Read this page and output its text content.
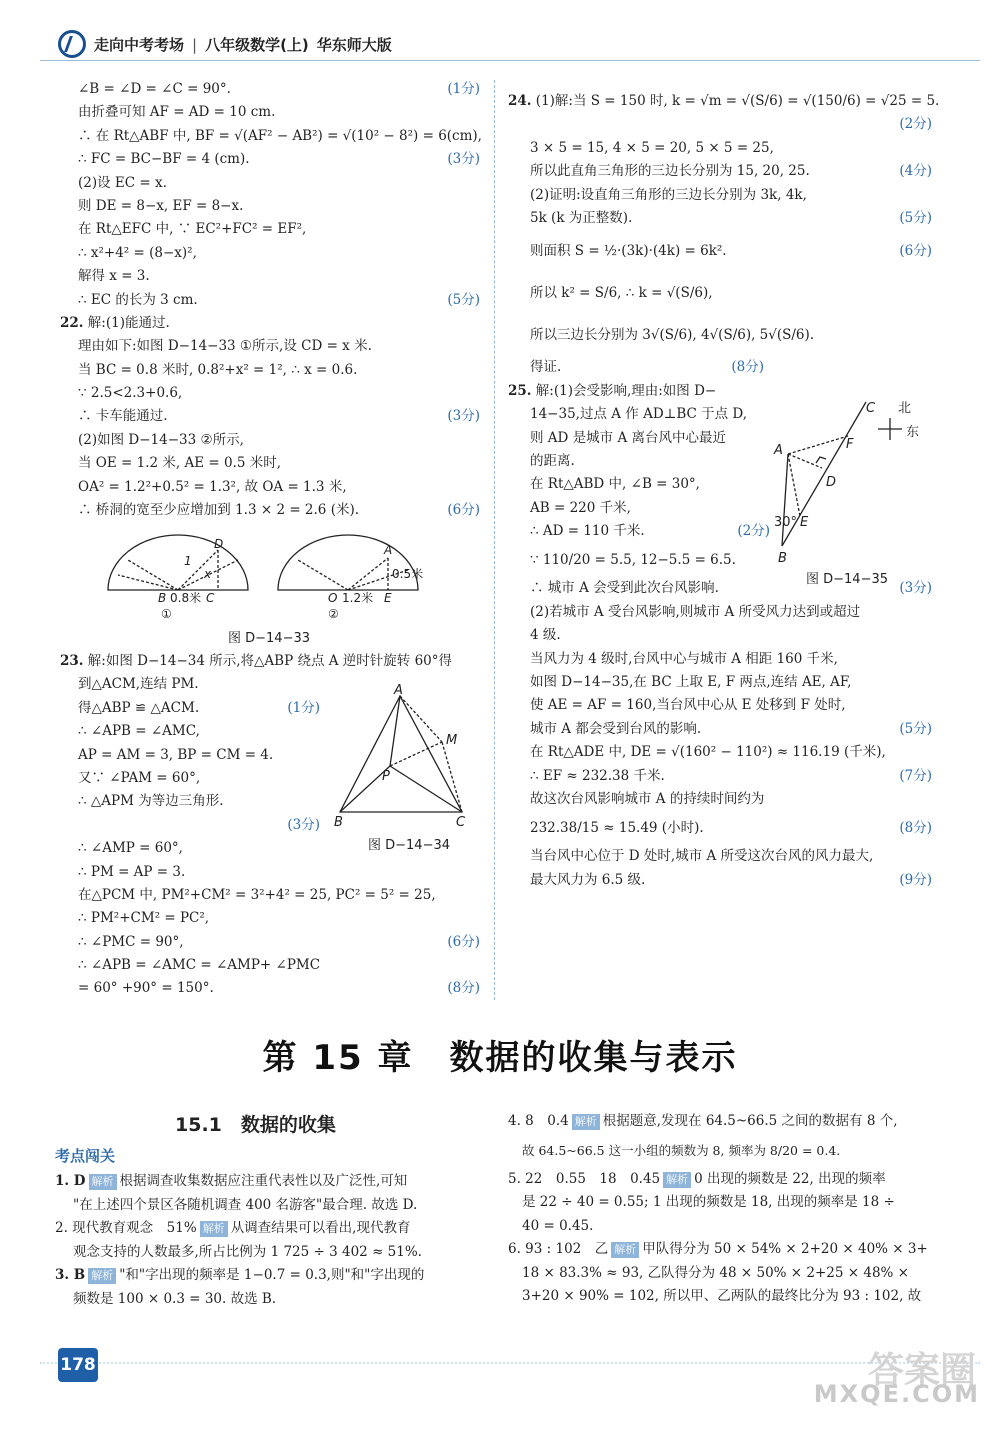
走向中考考场 | 八年级数学(上) 华东师大版
∠B = ∠D = ∠C = 90°.	(1分)
由折叠可知 AF = AD = 10 cm.
∴ 在 Rt△ABF 中, BF = √(AF² − AB²) = √(10² − 8²) = 6(cm),
∴ FC = BC−BF = 4 (cm).	(3分)
(2)设 EC = x.
则 DE = 8−x, EF = 8−x.
在 Rt△EFC 中, ∵ EC²+FC² = EF²,
∴ x²+4² = (8−x)²,
解得 x = 3.
∴ EC 的长为 3 cm.	(5分)
22. 解:(1)能通过.
理由如下:如图 D−14−33 ①所示,设 CD = x 米.
当 BC = 0.8 米时, 0.8²+x² = 1², ∴ x = 0.6.
∵ 2.5<2.3+0.6,
∴ 卡车能通过.	(3分)
(2)如图 D−14−33 ②所示,
当 OE = 1.2 米, AE = 0.5 米时,
OA² = 1.2²+0.5² = 1.3², 故 OA = 1.3 米,
∴ 桥洞的宽至少应增加到 1.3 × 2 = 2.6 (米).	(6分)
D
1
x
B	C
0.8米
①
A
0.5米
O 1.2米 E
②
图 D−14−33
23. 解:如图 D−14−34 所示,将△ABP 绕点 A 逆时针旋转 60°得
到△ACM,连结 PM.
得△ABP ≌ △ACM.	(1分)
∴ ∠APB = ∠AMC,
AP = AM = 3, BP = CM = 4.
又∵ ∠PAM = 60°,
∴ △APM 为等边三角形.
(3分)
∴ ∠AMP = 60°,
∴ PM = AP = 3.
在△PCM 中, PM²+CM² = 3²+4² = 25, PC² = 5² = 25,
∴ PM²+CM² = PC²,
∴ ∠PMC = 90°,	(6分)
∴ ∠APB = ∠AMC = ∠AMP+ ∠PMC
= 60° +90° = 150°.	(8分)
A
M
P
B	C
图 D−14−34
24. (1)解:当 S = 150 时, k = √m = √(S/6) = √(150/6) = √25 = 5.
(2分)
3 × 5 = 15, 4 × 5 = 20, 5 × 5 = 25,
所以此直角三角形的三边长分别为 15, 20, 25.	(4分)
(2)证明:设直角三角形的三边长分别为 3k, 4k,
5k (k 为正整数).	(5分)
则面积 S = ½·(3k)·(4k) = 6k².	(6分)
所以 k² = S/6, ∴ k = √(S/6),
所以三边长分别为 3√(S/6), 4√(S/6), 5√(S/6).
得证.	(8分)
25. 解:(1)会受影响,理由:如图 D−
14−35,过点 A 作 AD⊥BC 于点 D,
则 AD 是城市 A 离台风中心最近
的距离.
在 Rt△ABD 中, ∠B = 30°,
AB = 220 千米,
∴ AD = 110 千米.	(2分)
∵ 110/20 = 5.5, 12−5.5 = 6.5.
∴ 城市 A 会受到此次台风影响.	(3分)
(2)若城市 A 受台风影响,则城市 A 所受风力达到或超过
4 级.
当风力为 4 级时,台风中心与城市 A 相距 160 千米,
如图 D−14−35,在 BC 上取 E, F 两点,连结 AE, AF,
使 AE = AF = 160,当台风中心从 E 处移到 F 处时,
城市 A 都会受到台风的影响.	(5分)
在 Rt△ADE 中, DE = √(160² − 110²) ≈ 116.19 (千米),
∴ EF ≈ 232.38 千米.	(7分)
故这次台风影响城市 A 的持续时间约为
232.38/15 ≈ 15.49 (小时).	(8分)
当台风中心位于 D 处时,城市 A 所受这次台风的风力最大,
最大风力为 6.5 级.	(9分)
C 北
东
A	F
D
E
30°
B
图 D−14−35
第 15 章　数据的收集与表示
15.1　数据的收集
考点闯关
1. D 解析 根据调查收集数据应注重代表性以及广泛性,可知
"在上述四个景区各随机调查 400 名游客"最合理. 故选 D.
2. 现代教育观念　51% 解析 从调查结果可以看出,现代教育
观念支持的人数最多,所占比例为 1 725 ÷ 3 402 ≈ 51%.
3. B 解析 "和"字出现的频率是 1−0.7 = 0.3,则"和"字出现的
频数是 100 × 0.3 = 30. 故选 B.
4. 8　0.4 解析 根据题意,发现在 64.5~66.5 之间的数据有 8 个,
故 64.5~66.5 这一小组的频数为 8, 频率为 8/20 = 0.4.
5. 22　0.55　18　0.45 解析 0 出现的频数是 22, 出现的频率
是 22 ÷ 40 = 0.55; 1 出现的频数是 18, 出现的频率是 18 ÷
40 = 0.45.
6. 93 : 102　乙 解析 甲队得分为 50 × 54% × 2+20 × 40% × 3+
18 × 83.3% ≈ 93, 乙队得分为 48 × 50% × 2+25 × 48% ×
3+20 × 90% = 102, 所以甲、乙两队的最终比分为 93 : 102, 故
178	答案圈
MXQE.COM
